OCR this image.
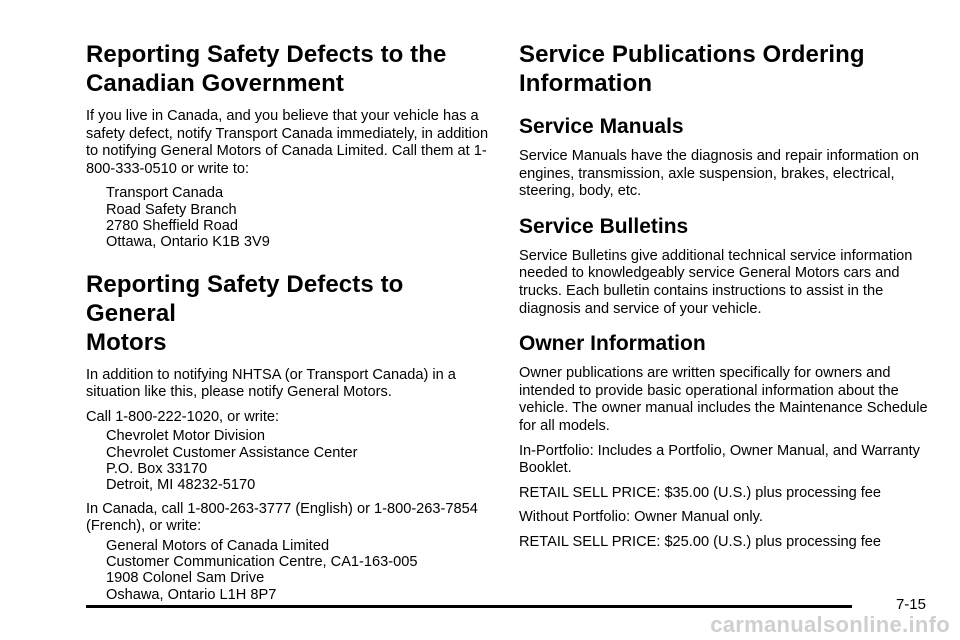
Reporting Safety Defects to the
Canadian Government

If you live in Canada, and you believe that your vehicle has a safety defect, notify Transport Canada immediately, in addition to notifying General Motors of Canada Limited. Call them at 1-800-333-0510 or write to:

Transport Canada
Road Safety Branch
2780 Sheffield Road
Ottawa, Ontario K1B 3V9
Reporting Safety Defects to General
Motors

In addition to notifying NHTSA (or Transport Canada) in a situation like this, please notify General Motors.

Call 1-800-222-1020, or write:

Chevrolet Motor Division
Chevrolet Customer Assistance Center
P.O. Box 33170
Detroit, MI 48232-5170

In Canada, call 1-800-263-3777 (English) or 1-800-263-7854 (French), or write:

General Motors of Canada Limited
Customer Communication Centre, CA1-163-005
1908 Colonel Sam Drive
Oshawa, Ontario L1H 8P7
Service Publications Ordering
Information
Service Manuals

Service Manuals have the diagnosis and repair information on engines, transmission, axle suspension, brakes, electrical, steering, body, etc.

Service Bulletins

Service Bulletins give additional technical service information needed to knowledgeably service General Motors cars and trucks. Each bulletin contains instructions to assist in the diagnosis and service of your vehicle.

Owner Information

Owner publications are written specifically for owners and intended to provide basic operational information about the vehicle. The owner manual includes the Maintenance Schedule for all models.

In-Portfolio: Includes a Portfolio, Owner Manual, and Warranty Booklet.

RETAIL SELL PRICE: $35.00 (U.S.) plus processing fee

Without Portfolio: Owner Manual only.

RETAIL SELL PRICE: $25.00 (U.S.) plus processing fee

7-15
carmanualsonline.info
